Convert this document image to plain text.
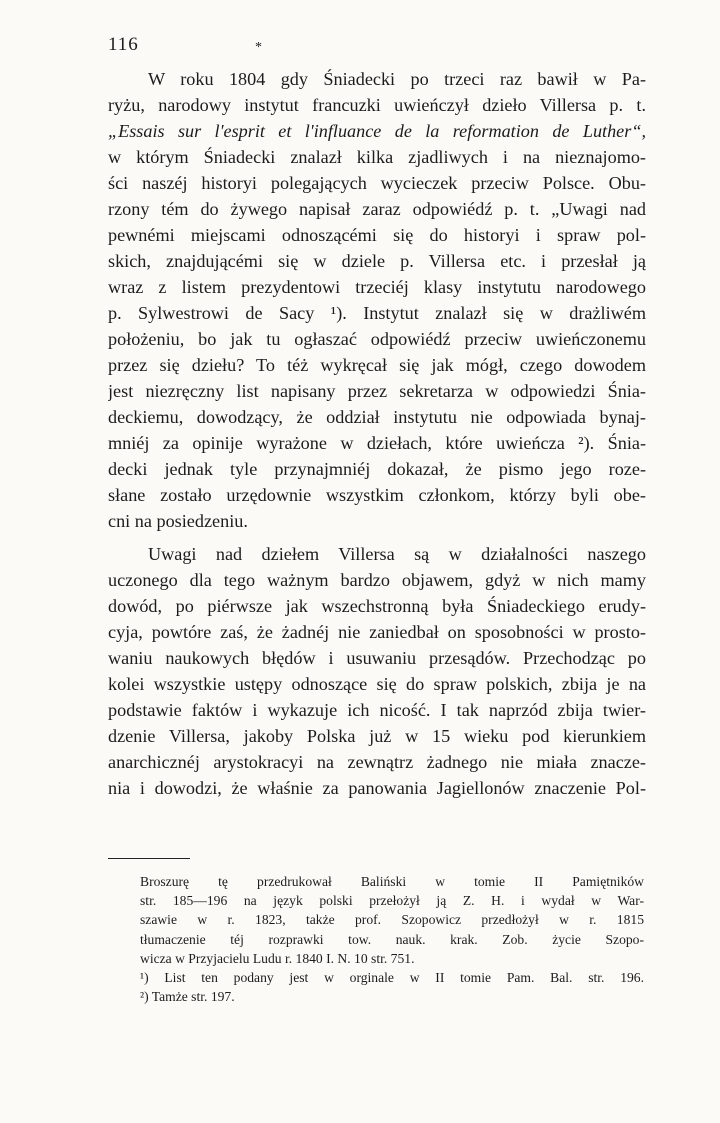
116	*
W roku 1804 gdy Śniadecki po trzeci raz bawił w Pa-
ryżu, narodowy instytut francuzki uwieńczył dzieło Villersa p. t.
„Essais sur l'esprit et l'influance de la reformation de Luther“,
w którym Śniadecki znalazł kilka zjadliwych i na nieznajomo-
ści naszéj historyi polegających wycieczek przeciw Polsce. Obu-
rzony tém do żywego napisał zaraz odpowiédź p. t. „Uwagi nad
pewnémi miejscami odnoszącémi się do historyi i spraw pol-
skich, znajdującémi się w dziele p. Villersa etc. i przesłał ją
wraz z listem prezydentowi trzeciéj klasy instytutu narodowego
p. Sylwestrowi de Sacy ¹). Instytut znalazł się w drażliwém
położeniu, bo jak tu ogłaszać odpowiédź przeciw uwieńczonemu
przez się dziełu? To téż wykręcał się jak mógł, czego dowodem
jest niezręczny list napisany przez sekretarza w odpowiedzi Śnia-
deckiemu, dowodzący, że oddział instytutu nie odpowiada bynaj-
mniéj za opinije wyrażone w dziełach, które uwieńcza ²). Śnia-
decki jednak tyle przynajmniéj dokazał, że pismo jego roze-
słane zostało urzędownie wszystkim członkom, którzy byli obe-
cni na posiedzeniu.
Uwagi nad dziełem Villersa są w działalności naszego
uczonego dla tego ważnym bardzo objawem, gdyż w nich mamy
dowód, po piérwsze jak wszechstronną była Śniadeckiego erudy-
cyja, powtóre zaś, że żadnéj nie zaniedbał on sposobności w prosto-
waniu naukowych błędów i usuwaniu przesądów. Przechodząc po
kolei wszystkie ustępy odnoszące się do spraw polskich, zbija je na
podstawie faktów i wykazuje ich nicość. I tak naprzód zbija twier-
dzenie Villersa, jakoby Polska już w 15 wieku pod kierunkiem
anarchicznéj arystokracyi na zewnątrz żadnego nie miała znacze-
nia i dowodzi, że właśnie za panowania Jagiellonów znaczenie Pol-
Broszurę tę przedrukował Baliński w tomie II Pamiętników
str. 185—196 na język polski przełożył ją Z. H. i wydał w War-
szawie w r. 1823, także prof. Szopowicz przedłożył w r. 1815
tłumaczenie téj rozprawki tow. nauk. krak. Zob. życie Szopo-
wicza w Przyjacielu Ludu r. 1840 I. N. 10 str. 751.
¹) List ten podany jest w orginale w II tomie Pam. Bal. str. 196.
²) Tamże str. 197.
